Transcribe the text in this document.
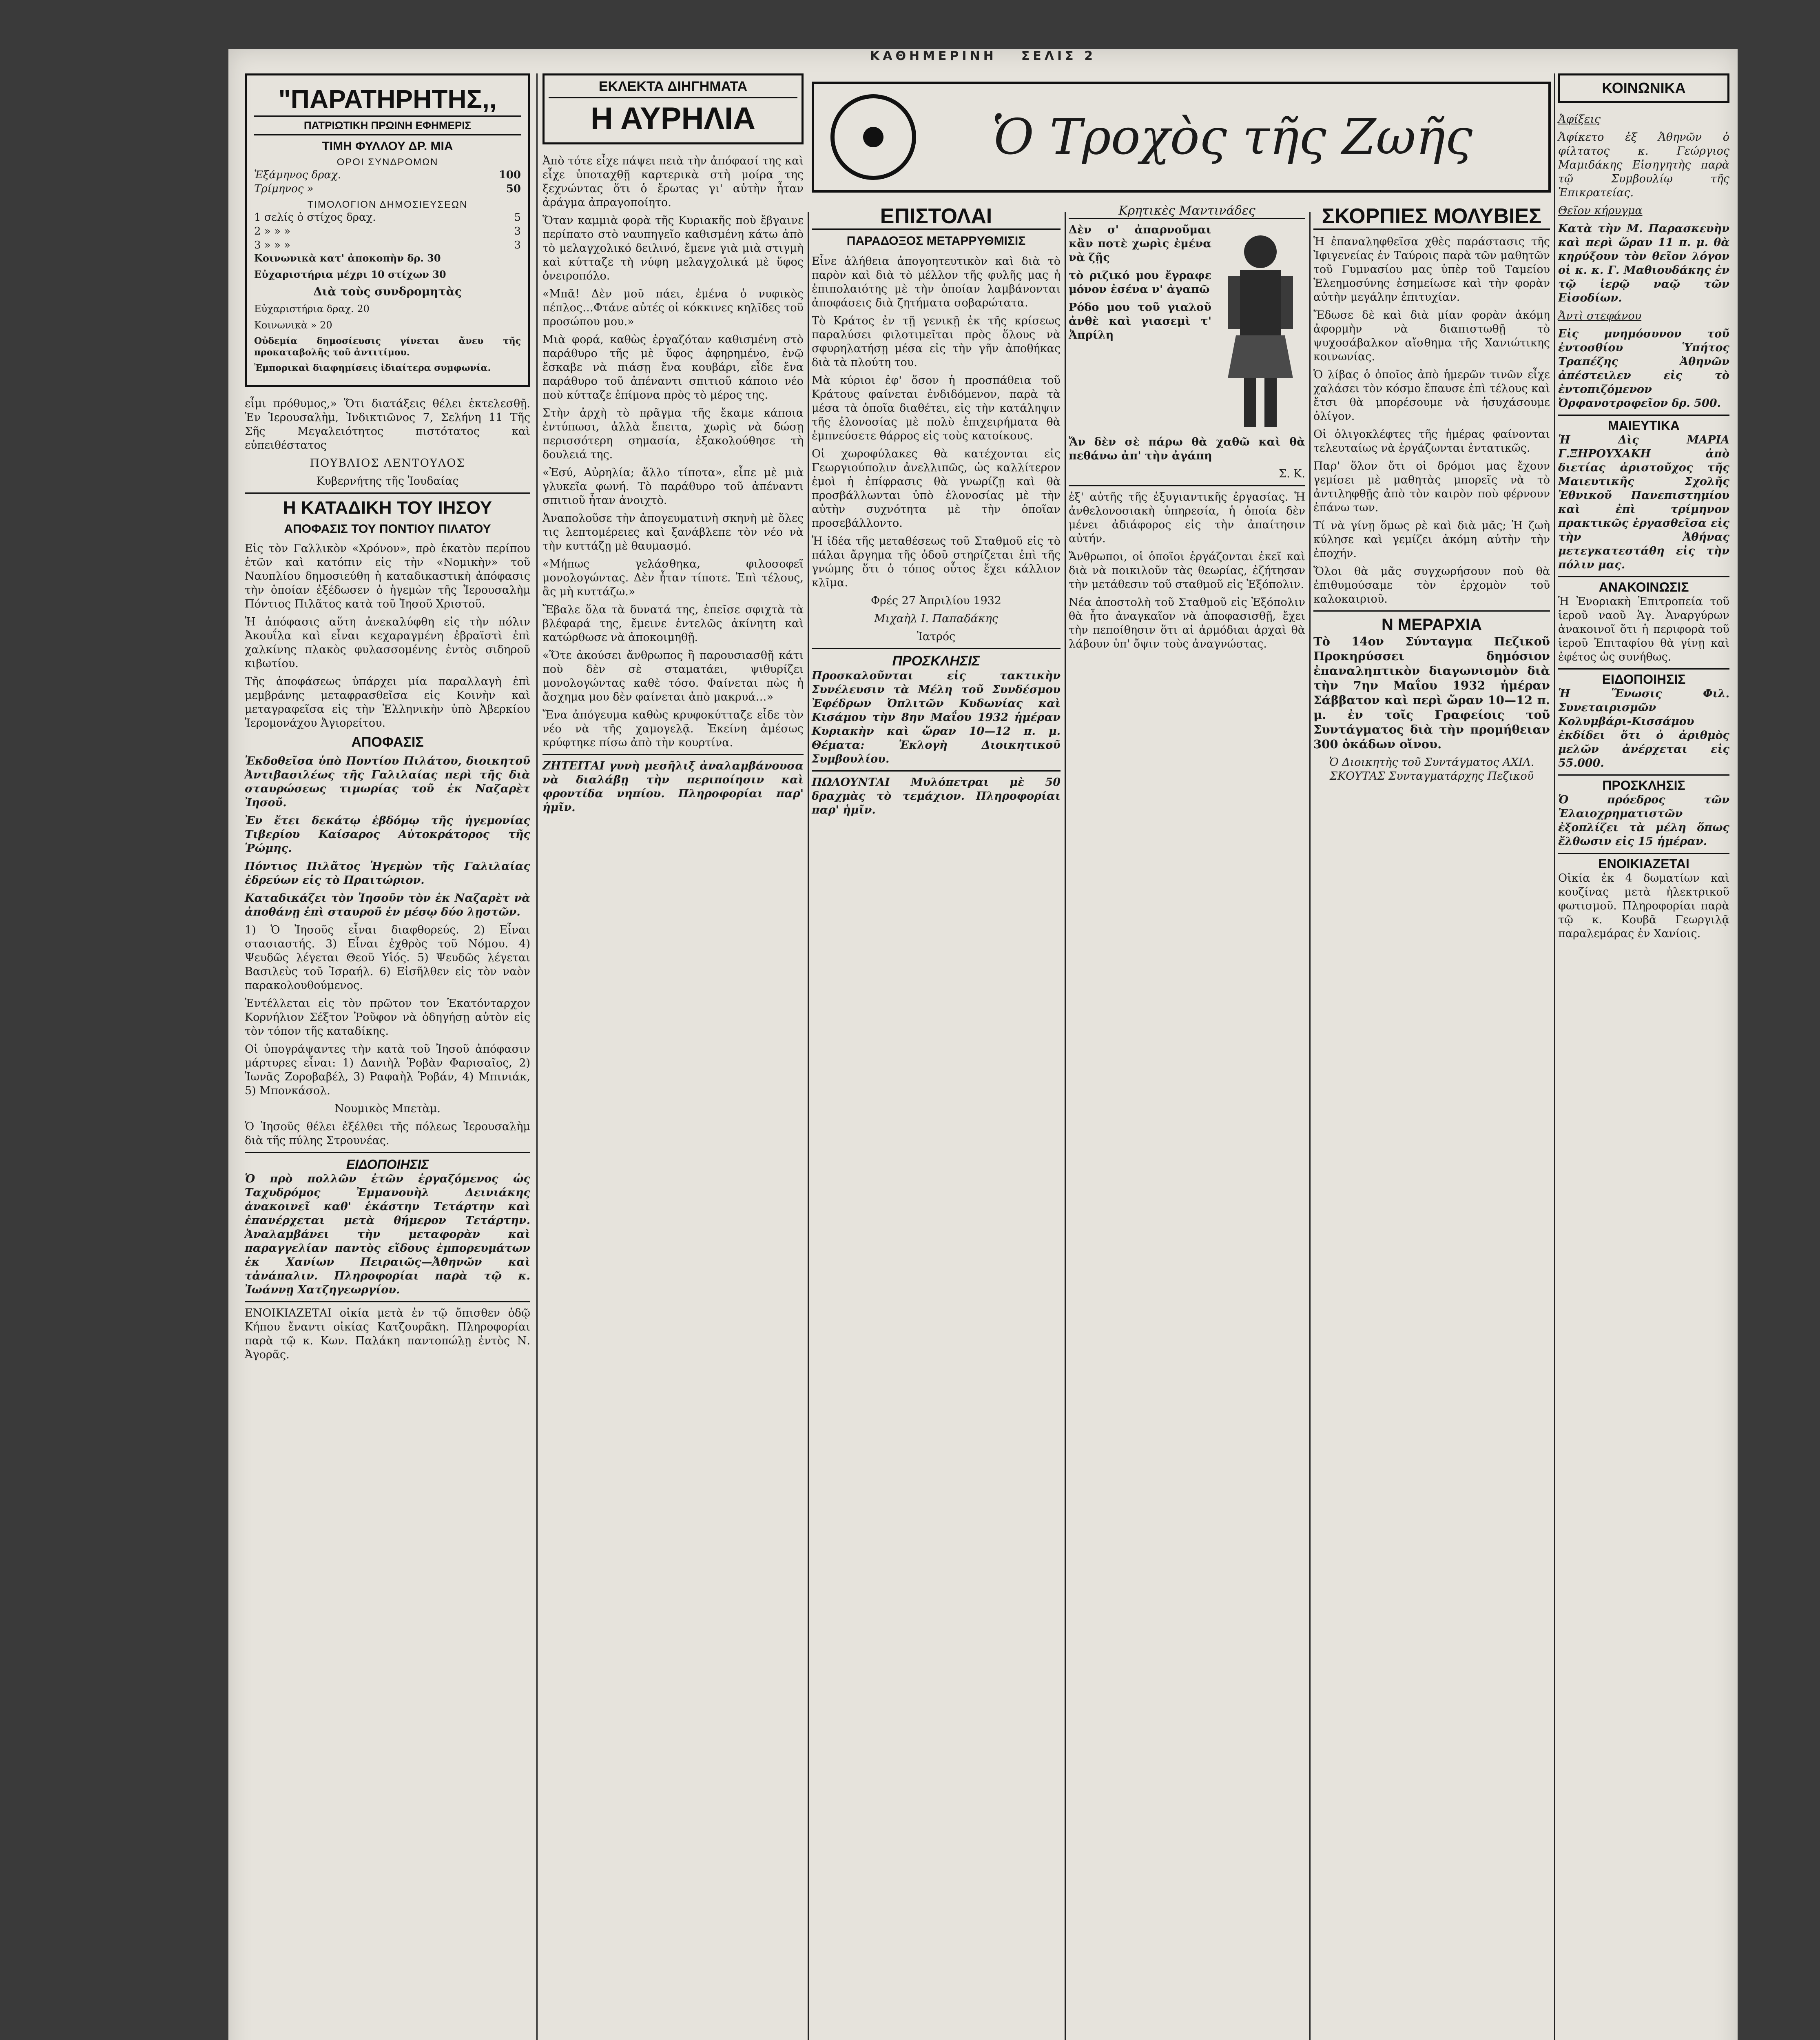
ΚΑΘΗΜΕΡΙΝΗ ΣΕΛΙΣ 2
"ΠΑΡΑΤΗΡΗΤΗΣ,,
ΠΑΤΡΙΩΤΙΚΗ ΠΡΩΙΝΗ ΕΦΗΜΕΡΙΣ
ΤΙΜΗ ΦΥΛΛΟΥ ΔΡ. ΜΙΑ
ΟΡΟΙ ΣΥΝΔΡΟΜΩΝ
Ἑξάμηνος δραχ.	100
Τρίμηνος »	50
ΤΙΜΟΛΟΓΙΟΝ ΔΗΜΟΣΙΕΥΣΕΩΝ
1 σελίς ὁ στίχος δραχ.	5
2 » » »	3
3 » » »	3
Κοινωνικὰ κατ' ἀποκοπὴν δρ. 30
Εὐχαριστήρια μέχρι 10 στίχων 30
Διὰ τοὺς συνδρομητὰς
Εὐχαριστήρια δραχ. 20
Κοινωνικὰ » 20
Οὐδεμία δημοσίευσις γίνεται ἄνευ τῆς προκαταβολῆς τοῦ ἀντιτίμου.
Ἐμπορικαὶ διαφημίσεις ἰδιαίτερα συμφωνία.

εἶμι πρόθυμος,» Ὅτι διατάξεις θέλει ἐκτελεσθῇ. Ἐν Ἱερουσαλὴμ, Ἰνδικτιῶνος 7, Σελήνη 11 Τῆς Σῆς Μεγαλειότητος πιστότατος καὶ εὐπειθέστατος

ΠΟΥΒΛΙΟΣ ΛΕΝΤΟΥΛΟΣ
Κυβερνήτης τῆς Ἰουδαίας
Η ΚΑΤΑΔΙΚΗ ΤΟΥ ΙΗΣΟΥ
ΑΠΟΦΑΣΙΣ ΤΟΥ ΠΟΝΤΙΟΥ ΠΙΛΑΤΟΥ

Εἰς τὸν Γαλλικὸν «Χρόνον», πρὸ ἑκατὸν περίπου ἐτῶν καὶ κατόπιν εἰς τὴν «Νομικὴν» τοῦ Ναυπλίου δημοσιεύθη ἡ καταδικαστικὴ ἀπόφασις τὴν ὁποίαν ἐξέδωσεν ὁ ἡγεμὼν τῆς Ἱερουσαλὴμ Πόντιος Πιλᾶτος κατὰ τοῦ Ἰησοῦ Χριστοῦ.

Ἡ ἀπόφασις αὕτη ἀνεκαλύφθη εἰς τὴν πόλιν Ἀκουΐλα καὶ εἶναι κεχαραγμένη ἐβραϊστὶ ἐπὶ χαλκίνης πλακὸς φυλασσομένης ἐντὸς σιδηροῦ κιβωτίου.

Τῆς ἀποφάσεως ὑπάρχει μία παραλλαγὴ ἐπὶ μεμβράνης μεταφρασθεῖσα εἰς Κοινὴν καὶ μεταγραφεῖσα εἰς τὴν Ἑλληνικὴν ὑπὸ Ἀβερκίου Ἱερομονάχου Ἀγιορείτου.

ΑΠΟΦΑΣΙΣ

Ἐκδοθεῖσα ὑπὸ Ποντίου Πιλάτου, διοικητοῦ Ἀντιβασιλέως τῆς Γαλιλαίας περὶ τῆς διὰ σταυρώσεως τιμωρίας τοῦ ἐκ Ναζαρὲτ Ἰησοῦ.

Ἐν ἔτει δεκάτῳ ἑβδόμῳ τῆς ἡγεμονίας Τιβερίου Καίσαρος Αὐτοκράτορος τῆς Ῥώμης.

Πόντιος Πιλᾶτος Ἡγεμὼν τῆς Γαλιλαίας ἐδρεύων εἰς τὸ Πραιτώριον.

Καταδικάζει τὸν Ἰησοῦν τὸν ἐκ Ναζαρὲτ νὰ ἀποθάνῃ ἐπὶ σταυροῦ ἐν μέσῳ δύο λῃστῶν.

1) Ὁ Ἰησοῦς εἶναι διαφθορεύς. 2) Εἶναι στασιαστής. 3) Εἶναι ἐχθρὸς τοῦ Νόμου. 4) Ψευδῶς λέγεται Θεοῦ Υἱός. 5) Ψευδῶς λέγεται Βασιλεὺς τοῦ Ἰσραήλ. 6) Εἰσῆλθεν εἰς τὸν ναὸν παρακολουθούμενος.

Ἐντέλλεται εἰς τὸν πρῶτον τον Ἑκατόνταρχον Κορνήλιον Σέξτον Ῥοῦφον νὰ ὁδηγήσῃ αὐτὸν εἰς τὸν τόπον τῆς καταδίκης.

Οἱ ὑπογράψαντες τὴν κατὰ τοῦ Ἰησοῦ ἀπόφασιν μάρτυρες εἶναι: 1) Δανιὴλ Ῥοβὰν Φαρισαῖος, 2) Ἰωνᾶς Ζοροβαβέλ, 3) Ραφαὴλ Ῥοβάν, 4) Μπινιάκ, 5) Μπονκάσολ.

Νουμικὸς Μπετὰμ.

Ὁ Ἰησοῦς θέλει ἐξέλθει τῆς πόλεως Ἱερουσαλὴμ διὰ τῆς πύλης Στρουνέας.

ΕΙΔΟΠΟΙΗΣΙΣ

Ὁ πρὸ πολλῶν ἐτῶν ἐργαζόμενος ὡς Ταχυδρόμος Ἐμμανουὴλ Δεινιάκης ἀνακοινεῖ καθ' ἑκάστην Τετάρτην καὶ ἐπανέρχεται μετὰ θήμερον Τετάρτην. Ἀναλαμβάνει τὴν μεταφορὰν καὶ παραγγελίαν παντὸς εἴδους ἐμπορευμάτων ἐκ Χανίων Πειραιῶς—Ἀθηνῶν καὶ τἀνάπαλιν. Πληροφορίαι παρὰ τῷ κ. Ἰωάννῃ Χατζηγεωργίου.

ΕΝΟΙΚΙΑΖΕΤΑΙ οἰκία μετὰ ἐν τῷ ὄπισθεν ὁδῷ Κήπου ἔναντι οἰκίας Κατζουρᾶκη. Πληροφορίαι παρὰ τῷ κ. Κων. Παλάκη παντοπώλῃ ἐντὸς Ν. Ἀγορᾶς.

ΕΚΛΕΚΤΑ ΔΙΗΓΗΜΑΤΑ
Η ΑΥΡΗΛΙΑ

Ἀπὸ τότε εἶχε πάψει πειὰ τὴν ἀπόφασί της καὶ εἶχε ὑποταχθῇ καρτερικὰ στὴ μοίρα της ξεχνώντας ὅτι ὁ ἔρωτας γι' αὐτὴν ἦταν ἀράγμα ἀπραγοποίητο.

Ὅταν καμμιὰ φορὰ τῆς Κυριακῆς ποὺ ἔβγαινε περίπατο στὸ ναυπηγεῖο καθισμένη κάτω ἀπὸ τὸ μελαγχολικό δειλινό, ἔμενε γιὰ μιὰ στιγμὴ καὶ κύτταζε τὴ νύφη μελαγχολικά μὲ ὕφος ὀνειροπόλο.

«Μπᾶ! Δὲν μοῦ πάει, ἐμένα ὁ νυφικὸς πέπλος…Φτάνε αὐτές οἱ κόκκινες κηλῖδες τοῦ προσώπου μου.»

Μιὰ φορά, καθὼς ἐργαζόταν καθισμένη στὸ παράθυρο τῆς μὲ ὕφος ἀφηρημένο, ἐνῷ ἔσκαβε νὰ πιάσῃ ἔνα κουβάρι, εἶδε ἔνα παράθυρο τοῦ ἀπέναντι σπιτιοῦ κάποιο νέο ποὺ κύτταζε ἐπίμονα πρὸς τὸ μέρος της.

Στὴν ἀρχὴ τὸ πρᾶγμα τῆς ἔκαμε κάποια ἐντύπωσι, ἀλλὰ ἔπειτα, χωρὶς νὰ δώσῃ περισσότερη σημασία, ἐξακολούθησε τὴ δουλειά της.

«Ἐσύ, Αὐρηλία; ἄλλο τίποτα», εἶπε μὲ μιὰ γλυκεῖα φωνή. Τὸ παράθυρο τοῦ ἀπέναντι σπιτιοῦ ἦταν ἀνοιχτὸ.

Ἀναπολοῦσε τὴν ἀπογευματινὴ σκηνὴ μὲ ὅλες τις λεπτομέρειες καὶ ξανάβλεπε τὸν νέο νὰ τὴν κυττάζῃ μὲ θαυμασμό.

«Μήπως γελάσθηκα, φιλοσοφεῖ μονολογώντας. Δὲν ἦταν τίποτε. Ἐπὶ τέλους, ἂς μὴ κυττάζω.»

Ἔβαλε ὅλα τὰ δυνατά της, ἐπεῖσε σφιχτὰ τὰ βλέφαρά της, ἔμεινε ἐντελῶς ἀκίνητη καὶ κατώρθωσε νὰ ἀποκοιμηθῇ.

«Ὅτε ἀκούσει ἄνθρωπος ἢ παρουσιασθῇ κάτι ποὺ δὲν σὲ σταματάει, ψιθυρίζει μονολογώντας καθὲ τόσο. Φαίνεται πὼς ἡ ἄσχημα μου δὲν φαίνεται ἀπὸ μακρυά…»

Ἔνα ἀπόγευμα καθὼς κρυφοκύτταζε εἶδε τὸν νέο νὰ τῆς χαμογελᾷ. Ἐκείνη ἀμέσως κρύφτηκε πίσω ἀπὸ τὴν κουρτίνα.

ΖΗΤΕΙΤΑΙ γυνὴ μεσῆλιξ ἀναλαμβάνουσα νὰ διαλάβῃ τὴν περιποίησιν καὶ φροντίδα νηπίου. Πληροφορίαι παρ' ἡμῖν.

Ὁ Τροχὸς τῆς Ζωῆς
ΕΠΙΣΤΟΛΑΙ
ΠΑΡΑΔΟΞΟΣ ΜΕΤΑΡΡΥΘΜΙΣΙΣ

Εἶνε ἀλήθεια ἀπογοητευτικὸν καὶ διὰ τὸ παρὸν καὶ διὰ τὸ μέλλον τῆς φυλῆς μας ἡ ἐπιπολαιότης μὲ τὴν ὁποίαν λαμβάνονται ἀποφάσεις διὰ ζητήματα σοβαρώτατα.

Τὸ Κράτος ἐν τῇ γενικῇ ἐκ τῆς κρίσεως παραλύσει φιλοτιμεῖται πρὸς ὅλους νὰ σφυρηλατήσῃ μέσα εἰς τὴν γῆν ἀποθήκας διὰ τὰ πλούτη του.

Μὰ κύριοι ἐφ' ὅσον ἡ προσπάθεια τοῦ Κράτους φαίνεται ἐνδιδόμενον, παρὰ τὰ μέσα τὰ ὁποῖα διαθέτει, εἰς τὴν κατάληψιν τῆς ἐλονοσίας μὲ πολὺ ἐπιχειρήματα θὰ ἐμπνεύσετε θάρρος εἰς τοὺς κατοίκους.

Οἱ χωροφύλακες θὰ κατέχονται εἰς Γεωργιούπολιν ἀνελλιπῶς, ὡς καλλίτερον ἐμοὶ ἡ ἐπίφρασις θὰ γνωρίζῃ καὶ θὰ προσβάλλωνται ὑπὸ ἐλονοσίας μὲ τὴν αὐτὴν συχνότητα μὲ τὴν ὁποῖαν προσεβάλλοντο.

Ἡ ἰδέα τῆς μεταθέσεως τοῦ Σταθμοῦ εἰς τὸ πάλαι ἄργημα τῆς ὁδοῦ στηρίζεται ἐπὶ τῆς γνώμης ὅτι ὁ τόπος οὗτος ἔχει κάλλιον κλῖμα.

Φρές 27 Ἀπριλίου 1932
Μιχαὴλ Ι. Παπαδάκης
Ἰατρός
ΠΡΟΣΚΛΗΣΙΣ

Προσκαλοῦνται εἰς τακτικὴν Συνέλευσιν τὰ Μέλη τοῦ Συνδέσμου Ἐφέδρων Ὀπλιτῶν Κυδωνίας καὶ Κισάμου τὴν 8ην Μαΐου 1932 ἡμέραν Κυριακὴν καὶ ὥραν 10—12 π. μ. Θέματα: Ἐκλογὴ Διοικητικοῦ Συμβουλίου.

ΠΩΛΟΥΝΤΑΙ Μυλόπετραι μὲ 50 δραχμὰς τὸ τεμάχιον. Πληροφορίαι παρ' ἡμῖν.

Κρητικὲς Μαντινάδες

Δὲν σ' ἀπαρνοῦμαι κἂν ποτὲ χωρὶς ἐμένα νὰ ζῇς

τὸ ριζικό μου ἔγραφε μόνον ἐσένα ν' ἀγαπῶ

Ρόδο μου τοῦ γιαλοῦ ἀνθὲ καὶ γιασεμὶ τ' Ἀπρίλη

Ἄν δὲν σὲ πάρω θὰ χαθῶ καὶ θὰ πεθάνω ἀπ' τὴν ἀγάπη

Σ. Κ.

ἐξ' αὐτῆς τῆς ἐξυγιαντικῆς ἐργασίας. Ἡ ἀνθελονοσιακὴ ὑπηρεσία, ἡ ὁποία δὲν μένει ἀδιάφορος εἰς τὴν ἀπαίτησιν αὐτήν.

Ἄνθρωποι, οἱ ὁποῖοι ἐργάζονται ἐκεῖ καὶ διὰ νὰ ποικιλοῦν τὰς θεωρίας, ἐζήτησαν τὴν μετάθεσιν τοῦ σταθμοῦ εἰς Ἐξόπολιν.

Νέα ἀποστολὴ τοῦ Σταθμοῦ εἰς Ἐξόπολιν θὰ ἦτο ἀναγκαῖον νὰ ἀποφασισθῇ, ἔχει τὴν πεποίθησιν ὅτι αἱ ἀρμόδιαι ἀρχαὶ θὰ λάβουν ὑπ' ὄψιν τοὺς ἀναγνώστας.

ΣΚΟΡΠΙΕΣ ΜΟΛΥΒΙΕΣ

Ἡ ἐπαναληφθεῖσα χθὲς παράστασις τῆς Ἰφιγενείας ἐν Ταύροις παρὰ τῶν μαθητῶν τοῦ Γυμνασίου μας ὑπὲρ τοῦ Ταμείου Ἐλεημοσύνης ἐσημείωσε καὶ τὴν φορὰν αὐτὴν μεγάλην ἐπιτυχίαν.

Ἔδωσε δὲ καὶ διὰ μίαν φορὰν ἀκόμη ἀφορμὴν νὰ διαπιστωθῇ τὸ ψυχοσάβαλκον αἴσθημα τῆς Χανιώτικης κοινωνίας.

Ὁ λίβας ὁ ὁποῖος ἀπὸ ἡμερῶν τινῶν εἶχε χαλάσει τὸν κόσμο ἔπαυσε ἐπὶ τέλους καὶ ἔτσι θὰ μπορέσουμε νὰ ἡσυχάσουμε ὀλίγον.

Οἱ ὀλιγοκλέφτες τῆς ἡμέρας φαίνονται τελευταίως νὰ ἐργάζωνται ἐντατικῶς.

Παρ' ὅλον ὅτι οἱ δρόμοι μας ἔχουν γεμίσει μὲ μαθητὰς μπορεῖς νὰ τὸ ἀντιληφθῇς ἀπὸ τὸν καιρὸν ποὺ φέρνουν ἐπάνω των.

Τί νὰ γίνῃ ὅμως ρὲ καὶ διὰ μᾶς; Ἡ ζωὴ κύλησε καὶ γεμίζει ἀκόμη αὐτὴν τὴν ἐποχήν.

Ὅλοι θὰ μᾶς συγχωρήσουν ποὺ θὰ ἐπιθυμούσαμε τὸν ἐρχομὸν τοῦ καλοκαιριοῦ.

Ν ΜΕΡΑΡΧΙΑ

Τὸ 14ον Σύνταγμα Πεζικοῦ Προκηρύσσει δημόσιον ἐπαναληπτικὸν διαγωνισμὸν διὰ τὴν 7ην Μαΐου 1932 ἡμέραν Σάββατον καὶ περὶ ὥραν 10—12 π. μ. ἐν τοῖς Γραφείοις τοῦ Συντάγματος διὰ τὴν προμήθειαν 300 ὀκάδων οἴνου.

Ὁ Διοικητὴς τοῦ Συντάγματος ΑΧΙΛ. ΣΚΟΥΤΑΣ Συνταγματάρχης Πεζικοῦ

ΚΟΙΝΩΝΙΚΑ
Ἀφίξεις

Ἀφίκετο ἐξ Ἀθηνῶν ὁ φίλτατος κ. Γεώργιος Μαμιδάκης Εἰσηγητὴς παρὰ τῷ Συμβουλίῳ τῆς Ἐπικρατείας.

Θεῖον κήρυγμα

Κατὰ τὴν Μ. Παρασκευὴν καὶ περὶ ὥραν 11 π. μ. θὰ κηρύξουν τὸν θεῖον λόγον οἱ κ. κ. Γ. Μαθιουδάκης ἐν τῷ ἱερῷ ναῷ τῶν Εἰσοδίων.

Ἀντὶ στεφάνου

Εἰς μνημόσυνον τοῦ ἐντοσθίου Ὑπήτος Τραπέζης Ἀθηνῶν ἀπέστειλεν εἰς τὸ ἐντοπιζόμενον Ὀρφανοτροφεῖον δρ. 500.

ΜΑΙΕΥΤΙΚΑ

Ἡ Δὶς ΜΑΡΙΑ Γ.ΞΗΡΟΥΧΑΚΗ ἀπὸ διετίας ἀριστοῦχος τῆς Μαιευτικῆς Σχολῆς Ἐθνικοῦ Πανεπιστημίου καὶ ἐπὶ τρίμηνον πρακτικῶς ἐργασθεῖσα εἰς τὴν Ἀθήνας μετεγκατεστάθη εἰς τὴν πόλιν μας.

ΑΝΑΚΟΙΝΩΣΙΣ

Ἡ Ἐνοριακὴ Ἐπιτροπεία τοῦ ἱεροῦ ναοῦ Ἁγ. Ἀναργύρων ἀνακοινοῖ ὅτι ἡ περιφορὰ τοῦ ἱεροῦ Ἐπιταφίου θὰ γίνῃ καὶ ἐφέτος ὡς συνήθως.

ΕΙΔΟΠΟΙΗΣΙΣ

Ἡ Ἕνωσις Φιλ. Συνεταιρισμῶν Κολυμβάρι-Κισσάμου ἐκδίδει ὅτι ὁ ἀριθμὸς μελῶν ἀνέρχεται εἰς 55.000.

ΠΡΟΣΚΛΗΣΙΣ

Ὁ πρόεδρος τῶν Ἐλαιοχρηματιστῶν ἐξοπλίζει τὰ μέλη ὅπως ἔλθωσιν εἰς 15 ἡμέραν.

ΕΝΟΙΚΙΑΖΕΤΑΙ

Οἰκία ἐκ 4 δωματίων καὶ κουζίνας μετὰ ἡλεκτρικοῦ φωτισμοῦ. Πληροφορίαι παρὰ τῷ κ. Κουβᾶ Γεωργιλᾷ παραλεμάρας ἐν Χανίοις.
